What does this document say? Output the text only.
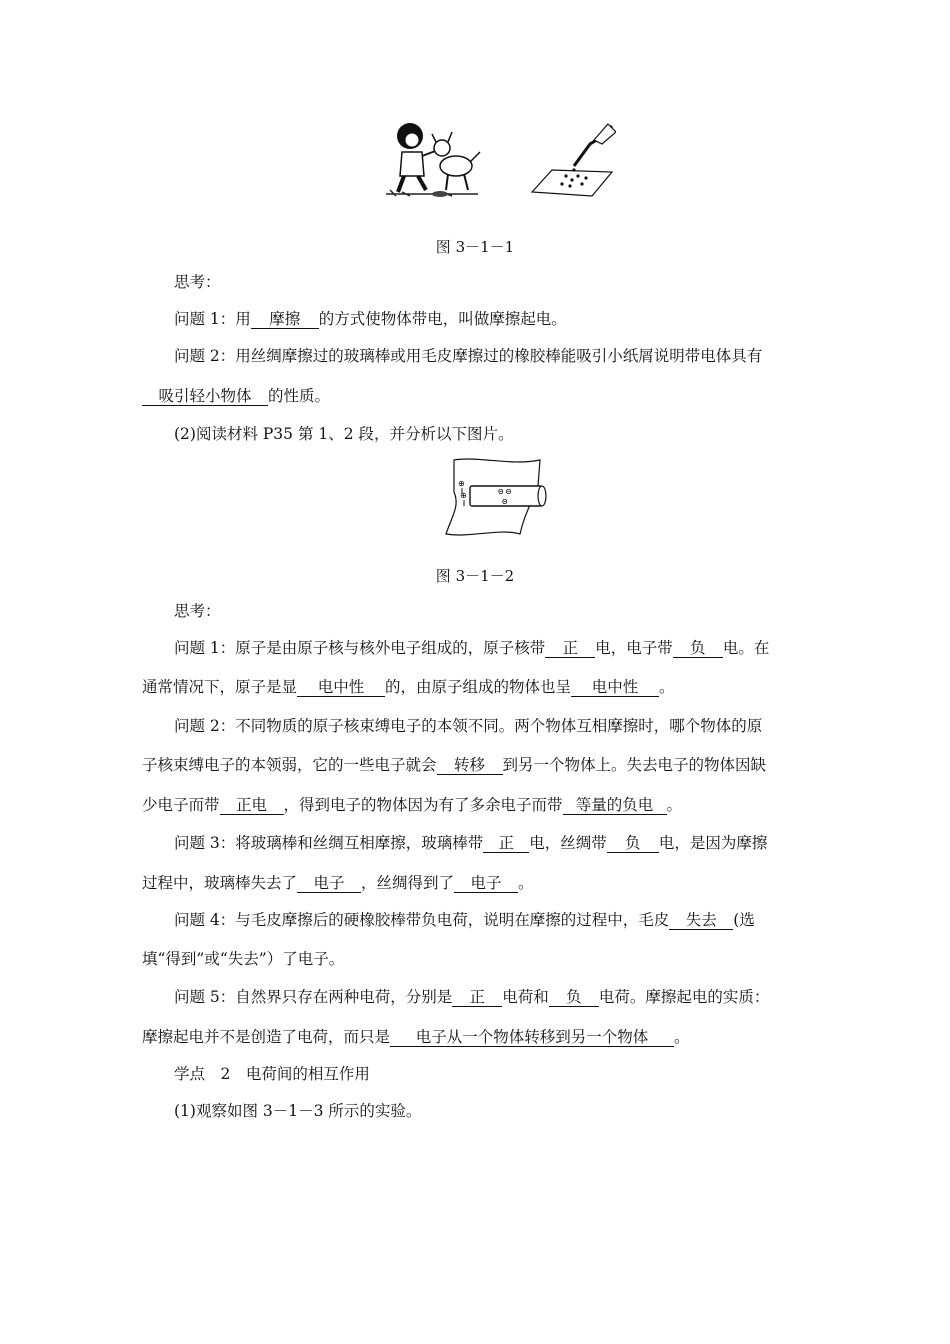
图 3－1－1
思考：
问题 1：用 摩擦 的方式使物体带电，叫做摩擦起电。
问题 2：用丝绸摩擦过的玻璃棒或用毛皮摩擦过的橡胶棒能吸引小纸屑说明带电体具有
吸引轻小物体 的性质。
(2)阅读材料 P35 第 1、2 段，并分析以下图片。
Θ Θ
Θ
⊕
⊕
图 3－1－2
思考：
问题 1：原子是由原子核与核外电子组成的，原子核带 正 电，电子带 负 电。在
通常情况下，原子是显 电中性 的，由原子组成的物体也呈 电中性 。
问题 2：不同物质的原子核束缚电子的本领不同。两个物体互相摩擦时，哪个物体的原
子核束缚电子的本领弱，它的一些电子就会 转移 到另一个物体上。失去电子的物体因缺
少电子而带 正电 ，得到电子的物体因为有了多余电子而带 等量的负电 。
问题 3：将玻璃棒和丝绸互相摩擦，玻璃棒带 正 电，丝绸带 负 电，是因为摩擦
过程中，玻璃棒失去了 电子 ，丝绸得到了 电子 。
问题 4：与毛皮摩擦后的硬橡胶棒带负电荷，说明在摩擦的过程中，毛皮 失去 (选
填“得到”或“失去”）了电子。
问题 5：自然界只存在两种电荷，分别是 正 电荷和 负 电荷。摩擦起电的实质：
摩擦起电并不是创造了电荷，而只是 电子从一个物体转移到另一个物体 。
学点　2　电荷间的相互作用
(1)观察如图 3－1－3 所示的实验。
